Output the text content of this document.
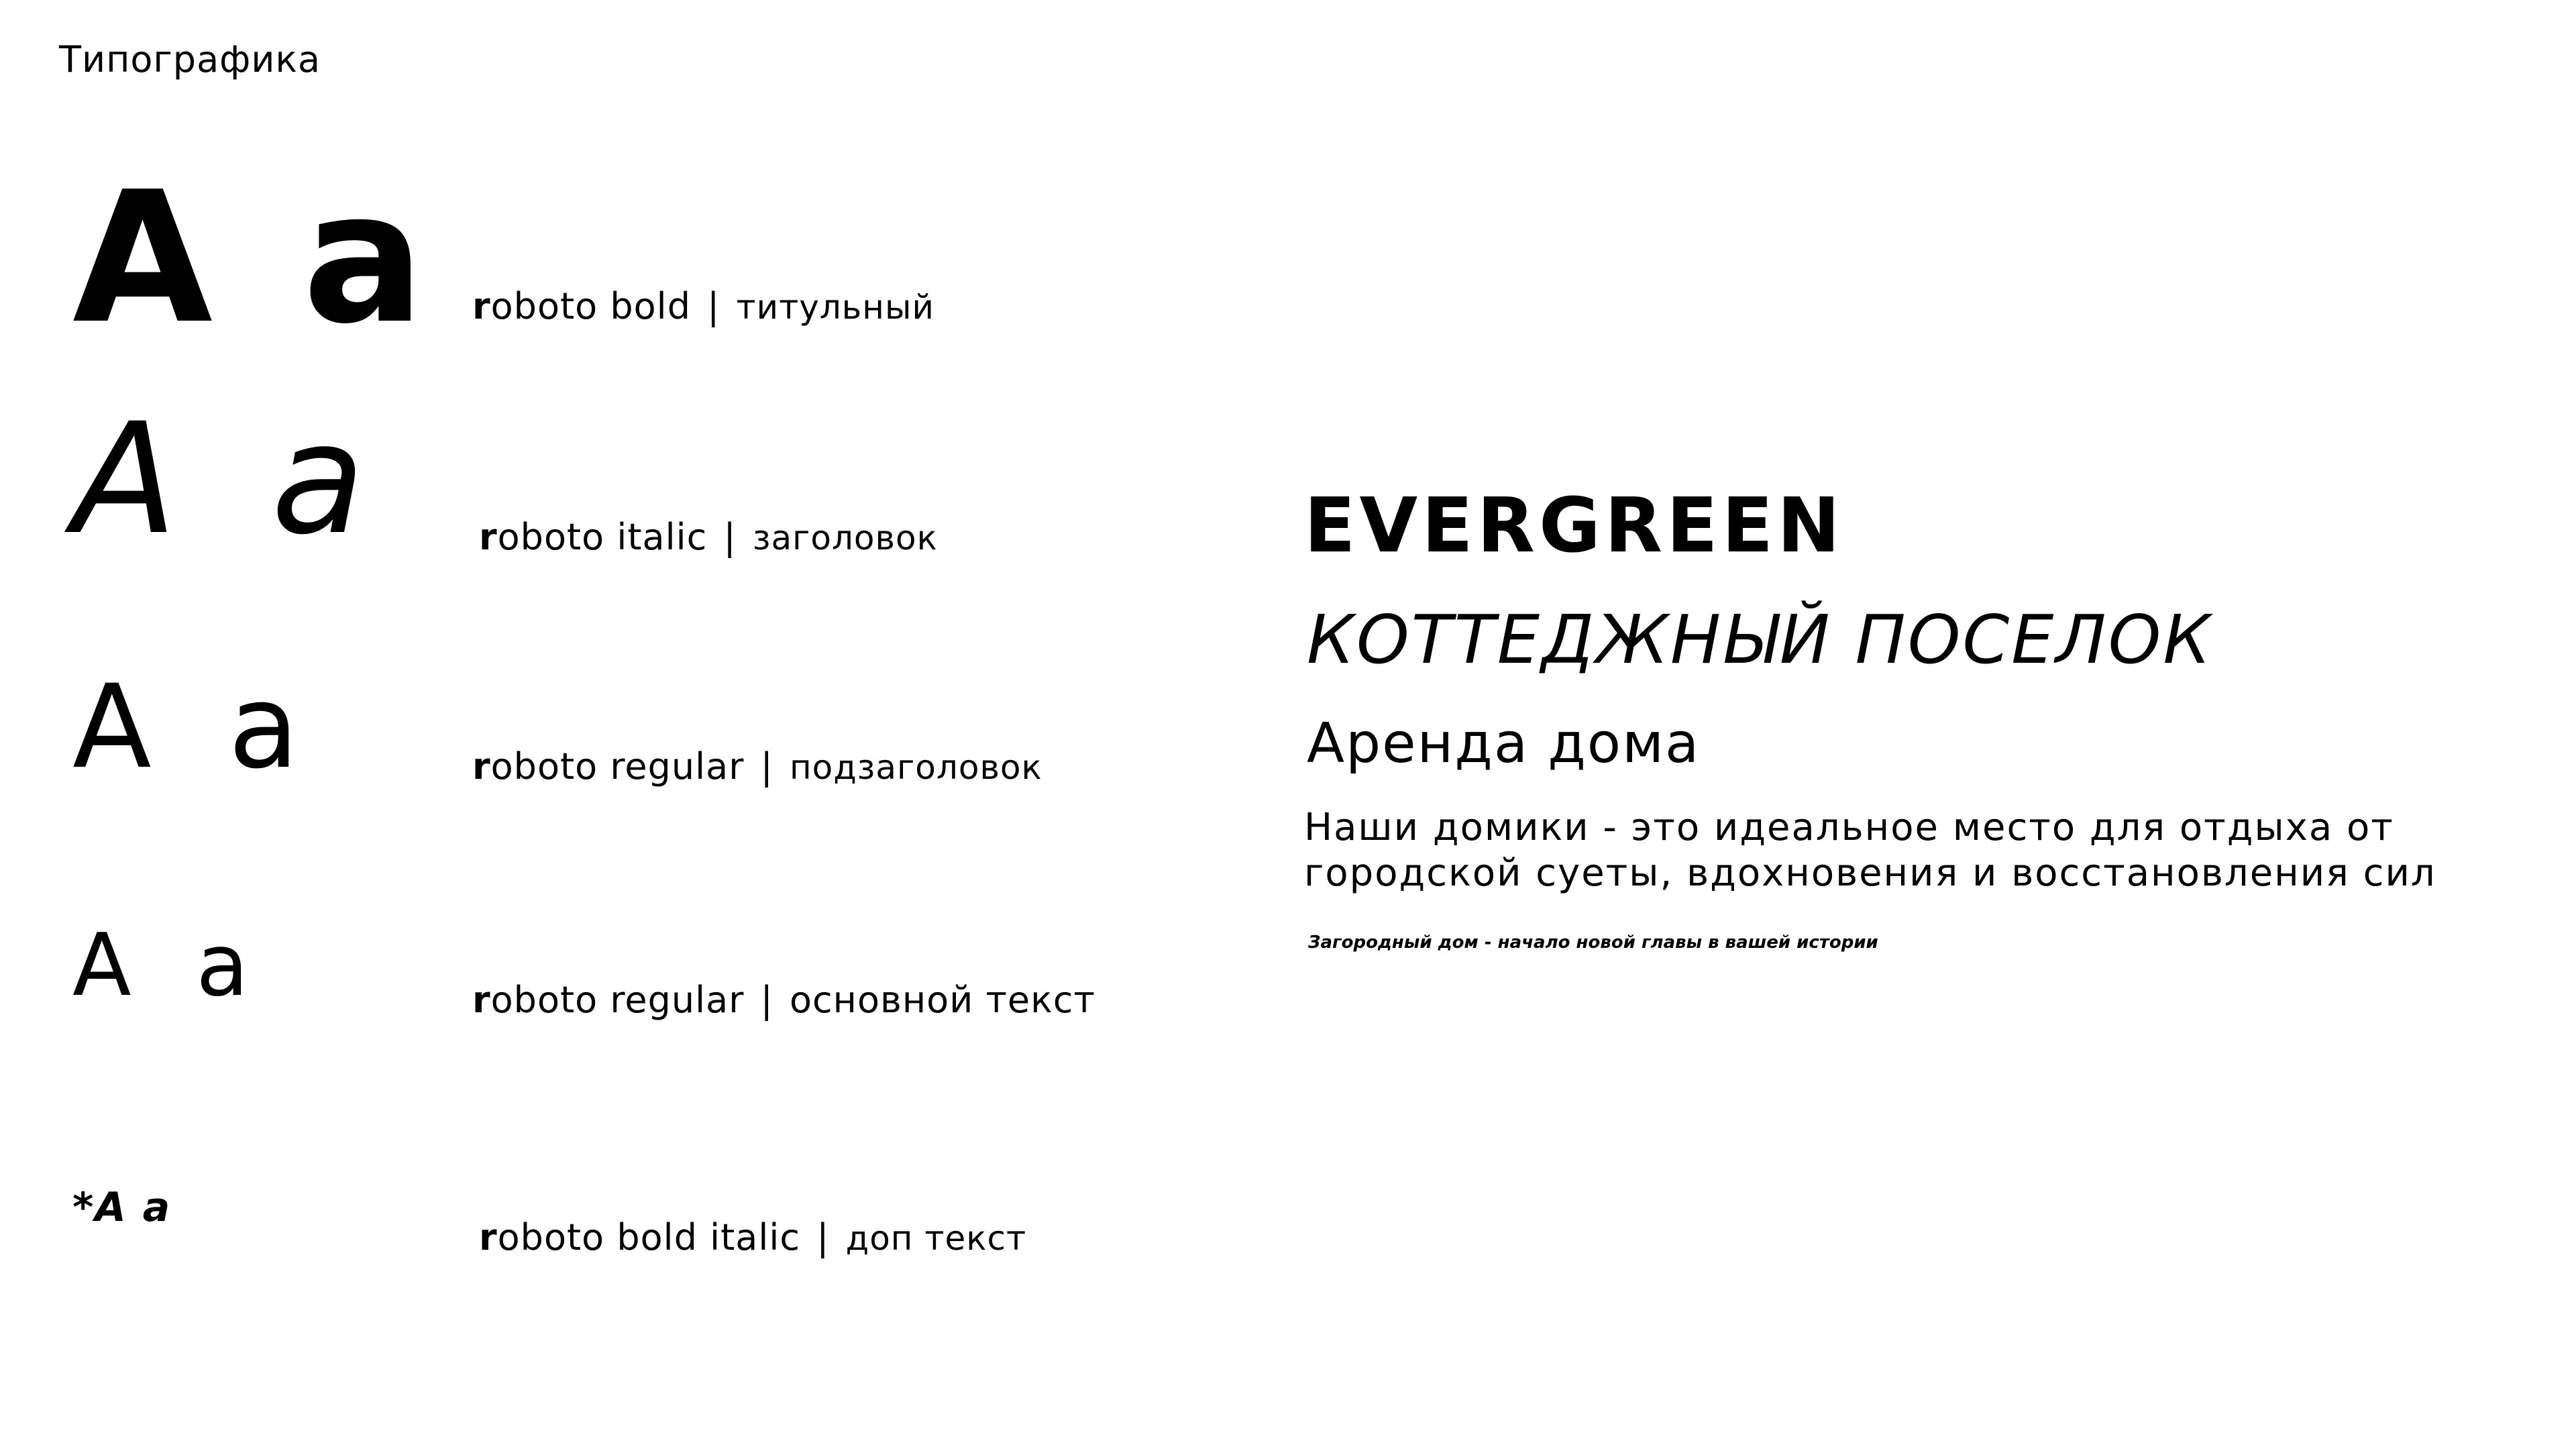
Типографика
A a roboto bold | титульный
A a	roboto italic | заголовок
A a	roboto regular | подзаголовок
A a	roboto regular | основной текст
*A a
roboto bold italic | доп текст
EVERGREEN
КОТТЕДЖНЫЙ ПОСЕЛОК
Аренда дома
Наши домики - это идеальное место для отдыха от
городской суеты, вдохновения и восстановления сил
Загородный дом - начало новой главы в вашей истории
